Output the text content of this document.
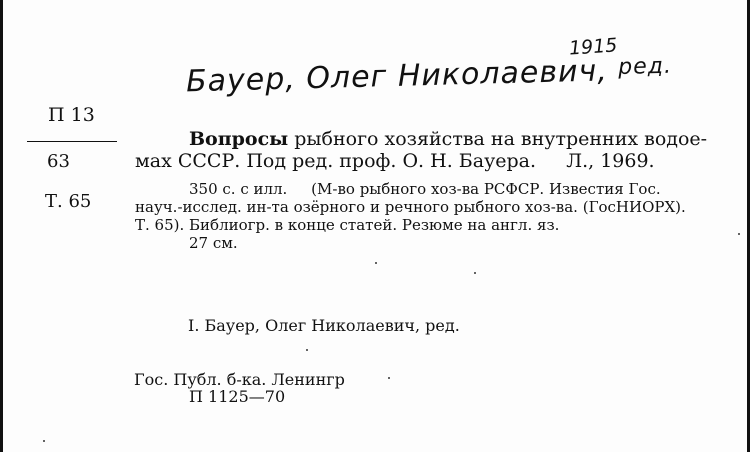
1915
Бауер, Олег Николаевич, $^{ред.}$
П 13
63
Т. 65
Вопросы рыбного хозяйства на внутренних водое-
мах СССР. Под ред. проф. О. Н. Бауера.     Л., 1969.
350 с. с илл.     (М-во рыбного хоз-ва РСФСР. Известия Гос.
науч.-исслед. ин-та озёрного и речного рыбного хоз-ва. (ГосНИОРХ).
Т. 65). Библиогр. в конце статей. Резюме на англ. яз.
27 см.
I. Бауер, Олег Николаевич, ред.
Гос. Публ. б-ка. Ленингр
П 1125—70
